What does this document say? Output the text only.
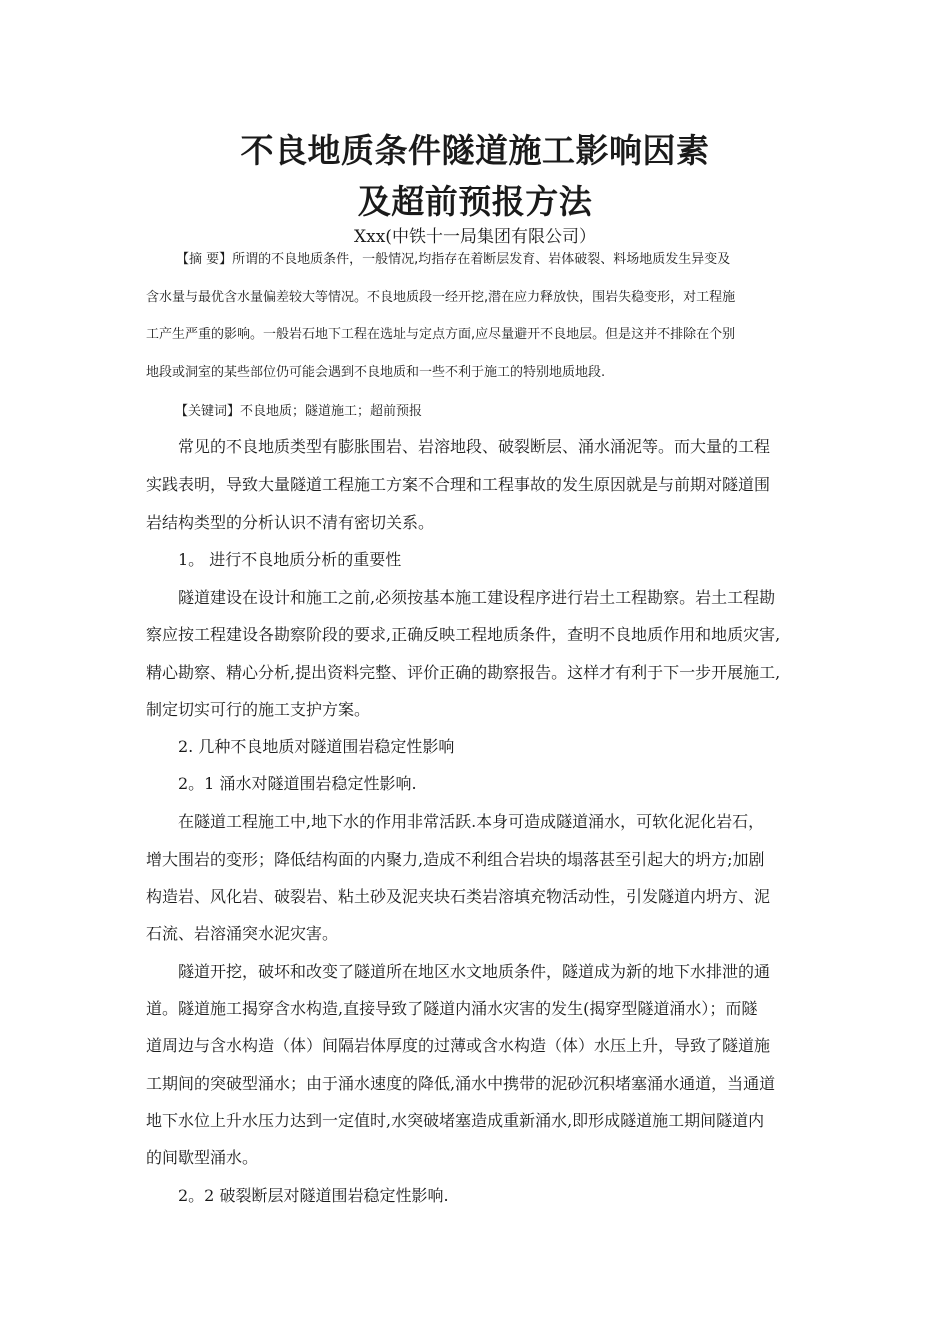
不良地质条件隧道施工影响因素
及超前预报方法

Xxx(中铁十一局集团有限公司）

【摘 要】所谓的不良地质条件，一般情况,均指存在着断层发育、岩体破裂、料场地质发生异变及

含水量与最优含水量偏差较大等情况。不良地质段一经开挖,潜在应力释放快，围岩失稳变形，对工程施

工产生严重的影响。一般岩石地下工程在选址与定点方面,应尽量避开不良地层。但是这并不排除在个别

地段或洞室的某些部位仍可能会遇到不良地质和一些不利于施工的特别地质地段.

【关键词】不良地质；隧道施工；超前预报

常见的不良地质类型有膨胀围岩、岩溶地段、破裂断层、涌水涌泥等。而大量的工程

实践表明，导致大量隧道工程施工方案不合理和工程事故的发生原因就是与前期对隧道围

岩结构类型的分析认识不清有密切关系。

1。 进行不良地质分析的重要性

隧道建设在设计和施工之前,必须按基本施工建设程序进行岩土工程勘察。岩土工程勘

察应按工程建设各勘察阶段的要求,正确反映工程地质条件，查明不良地质作用和地质灾害,

精心勘察、精心分析,提出资料完整、评价正确的勘察报告。这样才有利于下一步开展施工,

制定切实可行的施工支护方案。

2. 几种不良地质对隧道围岩稳定性影响

2。1 涌水对隧道围岩稳定性影响.

在隧道工程施工中,地下水的作用非常活跃.本身可造成隧道涌水，可软化泥化岩石，

增大围岩的变形；降低结构面的内聚力,造成不利组合岩块的塌落甚至引起大的坍方;加剧

构造岩、风化岩、破裂岩、粘土砂及泥夹块石类岩溶填充物活动性，引发隧道内坍方、泥

石流、岩溶涌突水泥灾害。

隧道开挖，破坏和改变了隧道所在地区水文地质条件，隧道成为新的地下水排泄的通

道。隧道施工揭穿含水构造,直接导致了隧道内涌水灾害的发生(揭穿型隧道涌水）；而隧

道周边与含水构造（体）间隔岩体厚度的过薄或含水构造（体）水压上升，导致了隧道施

工期间的突破型涌水；由于涌水速度的降低,涌水中携带的泥砂沉积堵塞涌水通道，当通道

地下水位上升水压力达到一定值时,水突破堵塞造成重新涌水,即形成隧道施工期间隧道内

的间歇型涌水。

2。2 破裂断层对隧道围岩稳定性影响.
